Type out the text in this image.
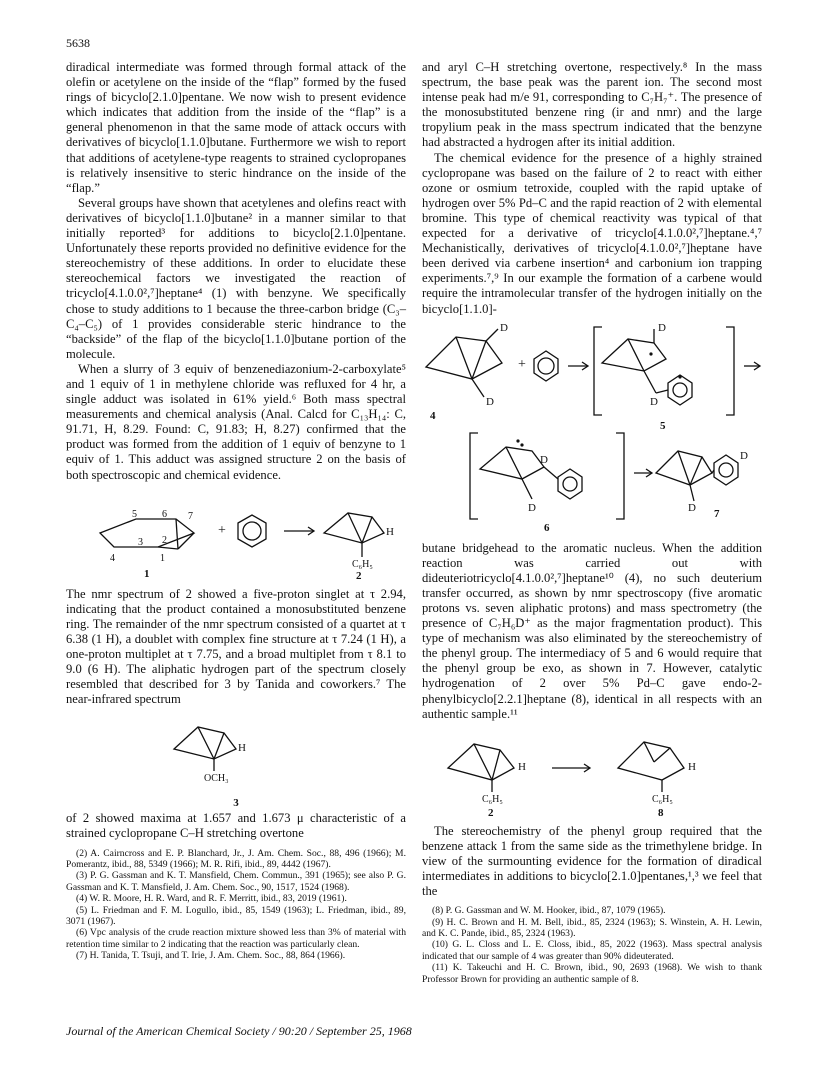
5638

diradical intermediate was formed through formal attack of the olefin or acetylene on the inside of the “flap” formed by the fused rings of bicyclo[2.1.0]pentane. We now wish to present evidence which indicates that addition from the inside of the “flap” is a general phenomenon in that the same mode of attack occurs with derivatives of bicyclo[1.1.0]butane. Furthermore we wish to report that additions of acetylene-type reagents to strained cyclopropanes is relatively insensitive to steric hindrance on the inside of the “flap.”

Several groups have shown that acetylenes and olefins react with derivatives of bicyclo[1.1.0]butane² in a manner similar to that initially reported³ for additions to bicyclo[2.1.0]pentane. Unfortunately these reports provided no definitive evidence for the stereochemistry of these additions. In order to elucidate these stereochemical factors we investigated the reaction of tricyclo[4.1.0.0²,⁷]heptane⁴ (1) with benzyne. We specifically chose to study additions to 1 because the three-carbon bridge (C₃–C₄–C₅) of 1 provides considerable steric hindrance to the “backside” of the flap of the bicyclo[1.1.0]butane portion of the molecule.

When a slurry of 3 equiv of benzenediazonium-2-carboxylate⁵ and 1 equiv of 1 in methylene chloride was refluxed for 4 hr, a single adduct was isolated in 61% yield.⁶ Both mass spectral measurements and chemical analysis (Anal. Calcd for C₁₃H₁₄: C, 91.71, H, 8.29. Found: C, 91.83; H, 8.27) confirmed that the product was formed from the addition of 1 equiv of benzyne to 1 equiv of 1. This adduct was assigned structure 2 on the basis of both spectroscopic and chemical evidence.

5	6 7
3 2
4	1
+	H
C₆H₅
1	2

The nmr spectrum of 2 showed a five-proton singlet at τ 2.94, indicating that the product contained a monosubstituted benzene ring. The remainder of the nmr spectrum consisted of a quartet at τ 6.38 (1 H), a doublet with complex fine structure at τ 7.24 (1 H), a one-proton multiplet at τ 7.75, and a broad multiplet from τ 8.1 to 9.0 (6 H). The aliphatic hydrogen part of the spectrum closely resembled that described for 3 by Tanida and coworkers.⁷ The near-infrared spectrum

H
OCH₃
3

of 2 showed maxima at 1.657 and 1.673 μ characteristic of a strained cyclopropane C–H stretching overtone

(2) A. Cairncross and E. P. Blanchard, Jr., J. Am. Chem. Soc., 88, 496 (1966); M. Pomerantz, ibid., 88, 5349 (1966); M. R. Rifi, ibid., 89, 4442 (1967).

(3) P. G. Gassman and K. T. Mansfield, Chem. Commun., 391 (1965); see also P. G. Gassman and K. T. Mansfield, J. Am. Chem. Soc., 90, 1517, 1524 (1968).

(4) W. R. Moore, H. R. Ward, and R. F. Merritt, ibid., 83, 2019 (1961).

(5) L. Friedman and F. M. Logullo, ibid., 85, 1549 (1963); L. Friedman, ibid., 89, 3071 (1967).

(6) Vpc analysis of the crude reaction mixture showed less than 3% of material with retention time similar to 2 indicating that the reaction was particularly clean.

(7) H. Tanida, T. Tsuji, and T. Irie, J. Am. Chem. Soc., 88, 864 (1966).

and aryl C–H stretching overtone, respectively.⁸ In the mass spectrum, the base peak was the parent ion. The second most intense peak had m/e 91, corresponding to C₇H₇⁺. The presence of the monosubstituted benzene ring (ir and nmr) and the large tropylium peak in the mass spectrum indicated that the benzyne had abstracted a hydrogen after its initial addition.

The chemical evidence for the presence of a highly strained cyclopropane was based on the failure of 2 to react with either ozone or osmium tetroxide, coupled with the rapid uptake of hydrogen over 5% Pd–C and the rapid reaction of 2 with elemental bromine. This type of chemical reactivity was typical of that expected for a derivative of tricyclo[4.1.0.0²,⁷]heptane.⁴,⁷ Mechanistically, derivatives of tricyclo[4.1.0.0²,⁷]heptane have been derived via carbene insertion⁴ and carbonium ion trapping experiments.⁷,⁹ In our example the formation of a carbene would require the intramolecular transfer of the hydrogen initially on the bicyclo[1.1.0]-

D
D
D
D
D
D
D
D
+
4
5
6
7

butane bridgehead to the aromatic nucleus. When the addition reaction was carried out with dideuteriotricyclo[4.1.0.0²,⁷]heptane¹⁰ (4), no such deuterium transfer occurred, as shown by nmr spectroscopy (five aromatic protons vs. seven aliphatic protons) and mass spectrometry (the presence of C₇H₆D⁺ as the major fragmentation product). This type of mechanism was also eliminated by the stereochemistry of the phenyl group. The intermediacy of 5 and 6 would require that the phenyl group be exo, as shown in 7. However, catalytic hydrogenation of 2 over 5% Pd–C gave endo-2-phenylbicyclo[2.2.1]heptane (8), identical in all respects with an authentic sample.¹¹

H	H
C₆H₅	C₆H₅
2	8

The stereochemistry of the phenyl group required that the benzene attack 1 from the same side as the trimethylene bridge. In view of the surmounting evidence for the formation of diradical intermediates in additions to bicyclo[2.1.0]pentanes,¹,³ we feel that the

(8) P. G. Gassman and W. M. Hooker, ibid., 87, 1079 (1965).

(9) H. C. Brown and H. M. Bell, ibid., 85, 2324 (1963); S. Winstein, A. H. Lewin, and K. C. Pande, ibid., 85, 2324 (1963).

(10) G. L. Closs and L. E. Closs, ibid., 85, 2022 (1963). Mass spectral analysis indicated that our sample of 4 was greater than 90% dideuterated.

(11) K. Takeuchi and H. C. Brown, ibid., 90, 2693 (1968). We wish to thank Professor Brown for providing an authentic sample of 8.

Journal of the American Chemical Society / 90:20 / September 25, 1968
